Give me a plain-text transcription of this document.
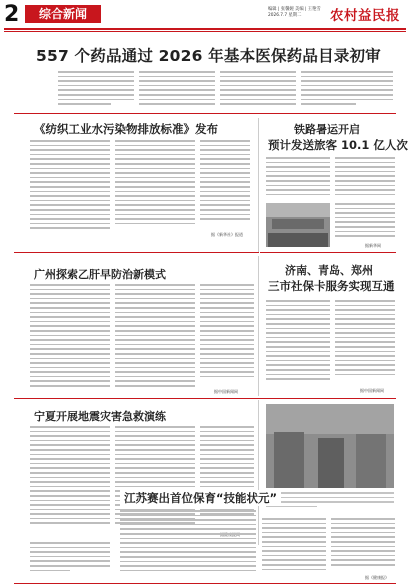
2	综合新闻	编辑 | 张馨婉 美编 | 王艳雪
2026.7.7 星期二	农村益民报
557 个药品通过 2026 年基本医保药品目录初审
《纺织工业水污染物排放标准》发布
据《新华社》报道
铁路暑运开启
预计发送旅客 10.1 亿人次
据新华网
广州探索乙肝早防治新模式
据中国新闻网
济南、青岛、郑州
三市社保卡服务实现互通
据中国新闻网
宁夏开展地震灾害急救演练
江苏赛出首位保育“技能状元”
据《健康报》
